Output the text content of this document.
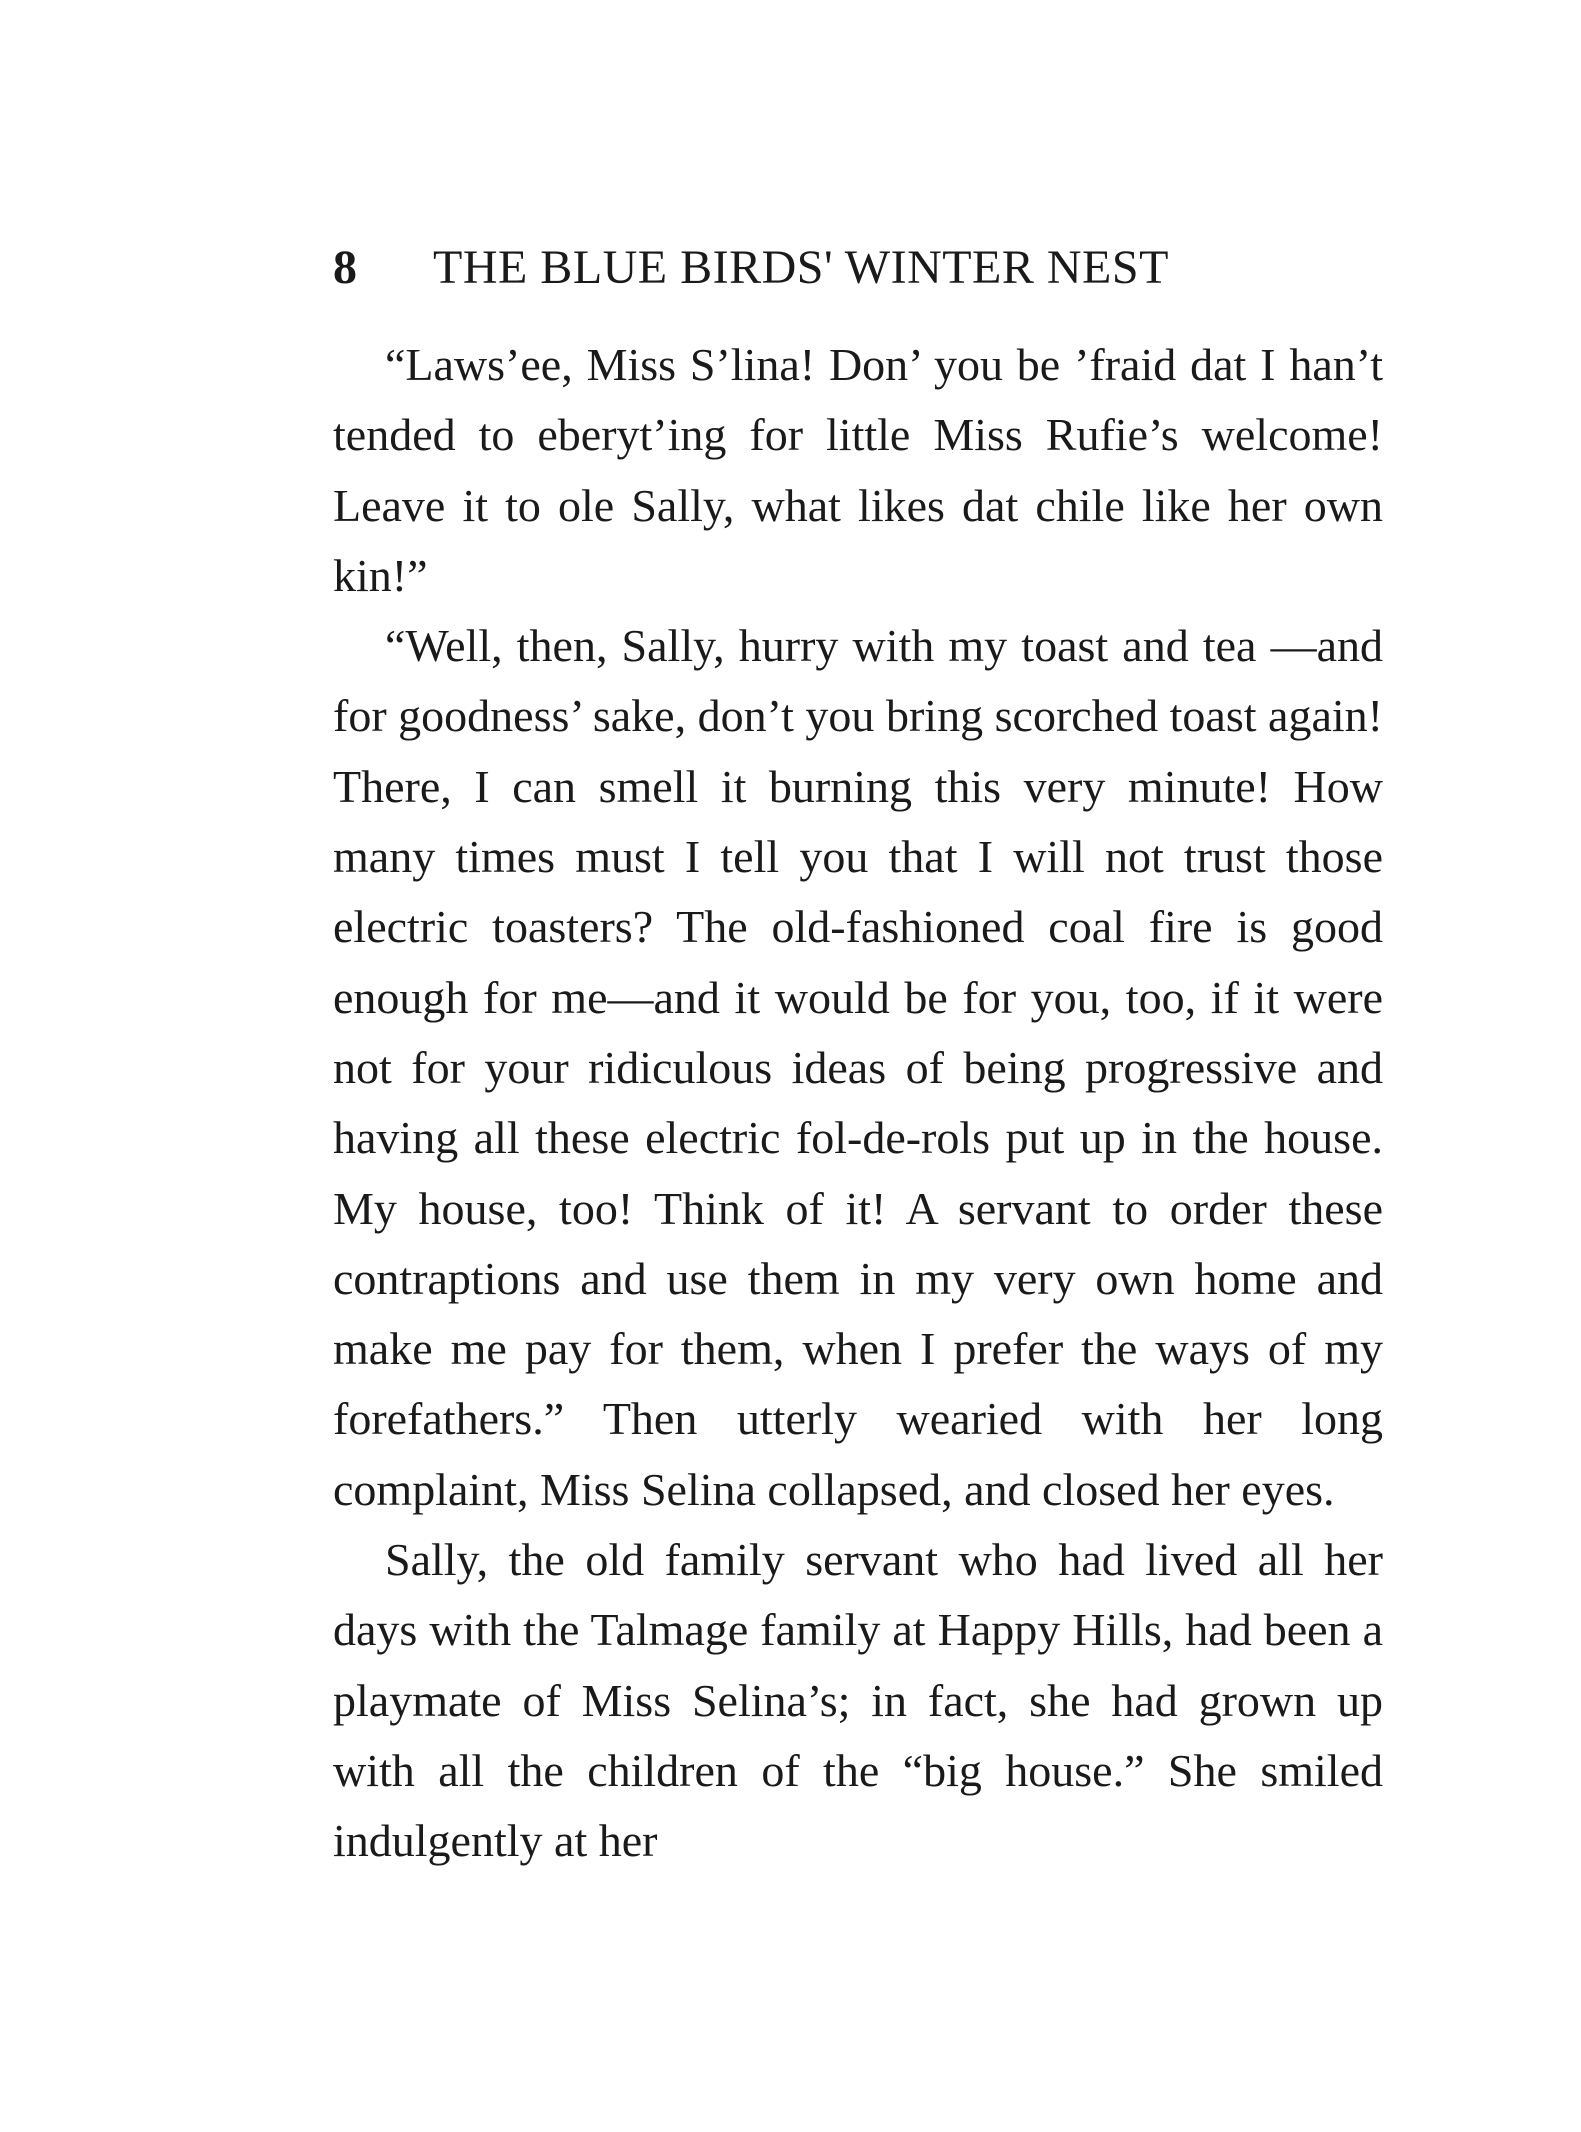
8 THE BLUE BIRDS' WINTER NEST

“Laws’ee, Miss S’lina! Don’ you be ’fraid dat I han’t tended to eberyt’ing for little Miss Rufie’s welcome! Leave it to ole Sally, what likes dat chile like her own kin!”

“Well, then, Sally, hurry with my toast and tea —and for goodness’ sake, don’t you bring scorched toast again! There, I can smell it burning this very minute! How many times must I tell you that I will not trust those electric toasters? The old-fashioned coal fire is good enough for me—and it would be for you, too, if it were not for your ridiculous ideas of being progressive and having all these electric fol-de-rols put up in the house. My house, too! Think of it! A servant to order these contraptions and use them in my very own home and make me pay for them, when I prefer the ways of my forefathers.” Then utterly wearied with her long complaint, Miss Selina collapsed, and closed her eyes.

Sally, the old family servant who had lived all her days with the Talmage family at Happy Hills, had been a playmate of Miss Selina’s; in fact, she had grown up with all the children of the “big house.” She smiled indulgently at her
